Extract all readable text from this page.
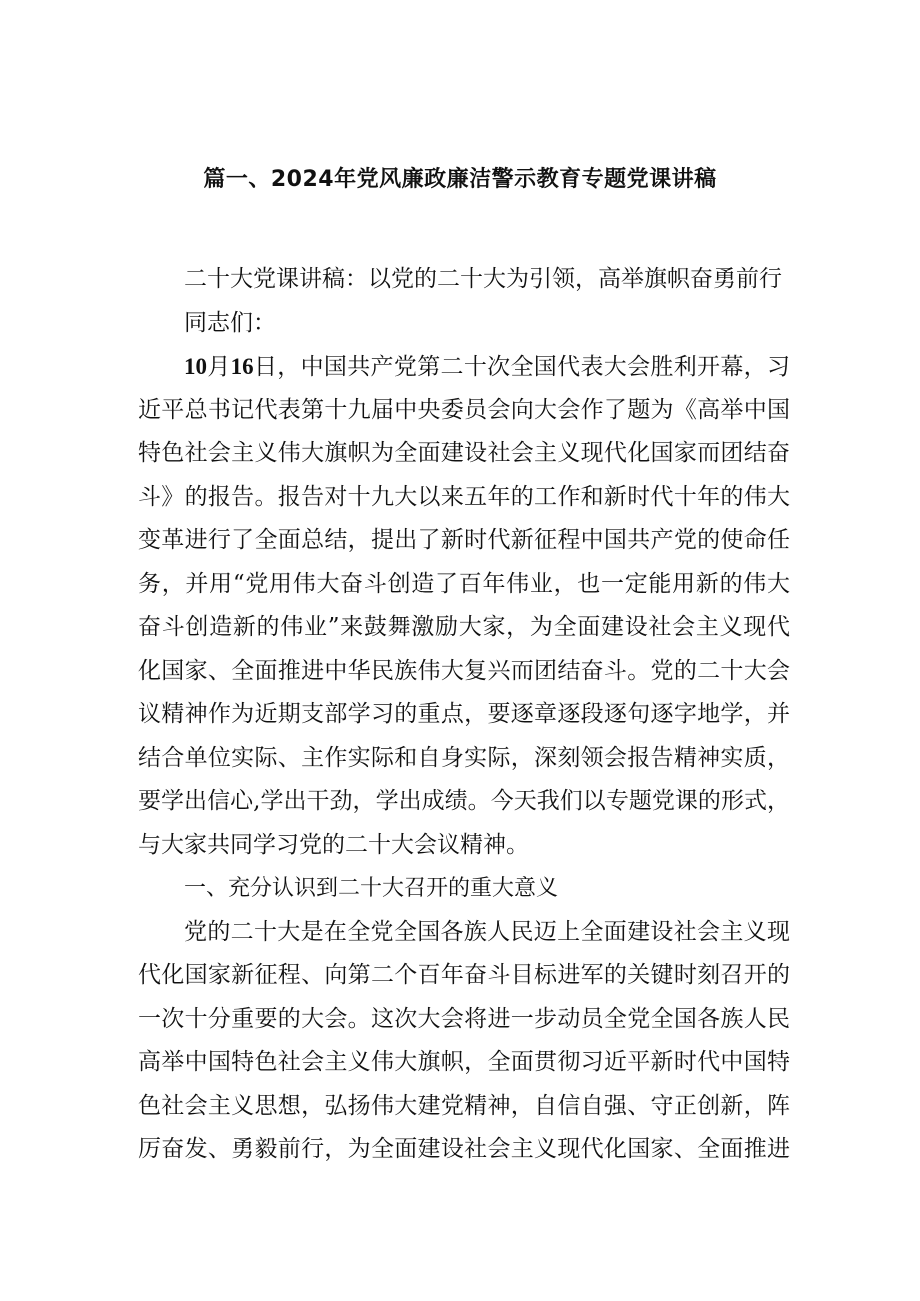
篇一、2024年党风廉政廉洁警示教育专题党课讲稿

二十大党课讲稿：以党的二十大为引领，高举旗帜奋勇前行

同志们：

10月16日，中国共产党第二十次全国代表大会胜利开幕，习

近平总书记代表第十九届中央委员会向大会作了题为《高举中国

特色社会主义伟大旗帜为全面建设社会主义现代化国家而团结奋

斗》的报告。报告对十九大以来五年的工作和新时代十年的伟大

变革进行了全面总结，提出了新时代新征程中国共产党的使命任

务，并用“党用伟大奋斗创造了百年伟业，也一定能用新的伟大

奋斗创造新的伟业”来鼓舞激励大家，为全面建设社会主义现代

化国家、全面推进中华民族伟大复兴而团结奋斗。党的二十大会

议精神作为近期支部学习的重点，要逐章逐段逐句逐字地学，并

结合单位实际、主作实际和自身实际，深刻领会报告精神实质，

要学出信心,学出干劲，学出成绩。今天我们以专题党课的形式，

与大家共同学习党的二十大会议精神。

一、充分认识到二十大召开的重大意义

党的二十大是在全党全国各族人民迈上全面建设社会主义现

代化国家新征程、向第二个百年奋斗目标进军的关键时刻召开的

一次十分重要的大会。这次大会将进一步动员全党全国各族人民

高举中国特色社会主义伟大旗帜，全面贯彻习近平新时代中国特

色社会主义思想，弘扬伟大建党精神，自信自强、守正创新，阵

厉奋发、勇毅前行，为全面建设社会主义现代化国家、全面推进
